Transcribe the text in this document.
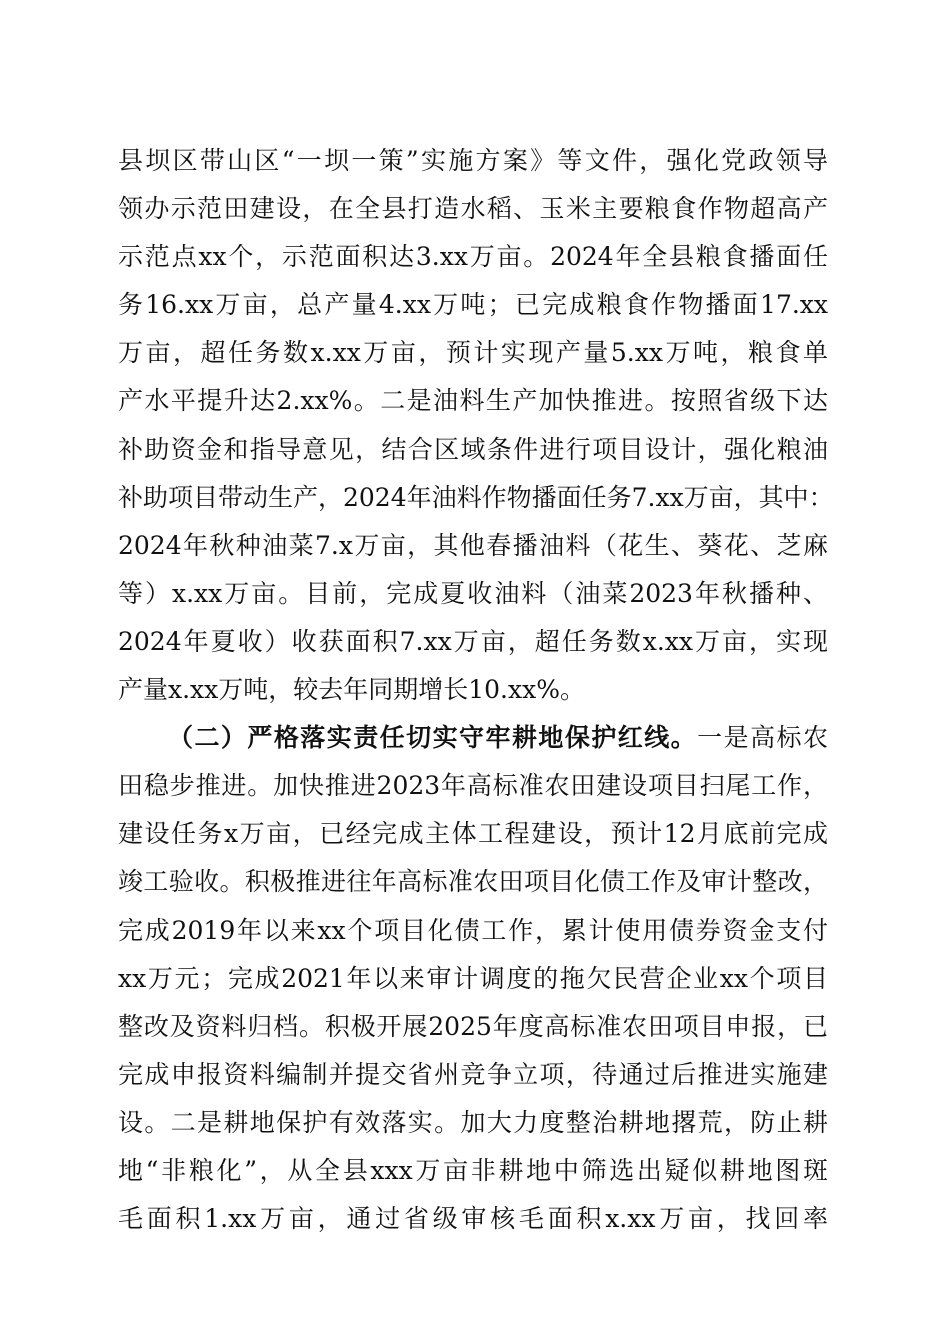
县坝区带山区“一坝一策”实施方案》等文件，强化党政领导
领办示范田建设，在全县打造水稻、玉米主要粮食作物超高产
示范点xx个，示范面积达3.xx万亩。2024年全县粮食播面任
务16.xx万亩，总产量4.xx万吨；已完成粮食作物播面17.xx
万亩，超任务数x.xx万亩，预计实现产量5.xx万吨，粮食单
产水平提升达2.xx%。二是油料生产加快推进。按照省级下达
补助资金和指导意见，结合区域条件进行项目设计，强化粮油
补助项目带动生产，2024年油料作物播面任务7.xx万亩，其中：
2024年秋种油菜7.x万亩，其他春播油料（花生、葵花、芝麻
等）x.xx万亩。目前，完成夏收油料（油菜2023年秋播种、
2024年夏收）收获面积7.xx万亩，超任务数x.xx万亩，实现
产量x.xx万吨，较去年同期增长10.xx%。
（二）严格落实责任切实守牢耕地保护红线。一是高标农
田稳步推进。加快推进2023年高标准农田建设项目扫尾工作，
建设任务x万亩，已经完成主体工程建设，预计12月底前完成
竣工验收。积极推进往年高标准农田项目化债工作及审计整改，
完成2019年以来xx个项目化债工作，累计使用债券资金支付
xx万元；完成2021年以来审计调度的拖欠民营企业xx个项目
整改及资料归档。积极开展2025年度高标准农田项目申报，已
完成申报资料编制并提交省州竞争立项，待通过后推进实施建
设。二是耕地保护有效落实。加大力度整治耕地撂荒，防止耕
地“非粮化”，从全县xxx万亩非耕地中筛选出疑似耕地图斑
毛面积1.xx万亩，通过省级审核毛面积x.xx万亩，找回率
